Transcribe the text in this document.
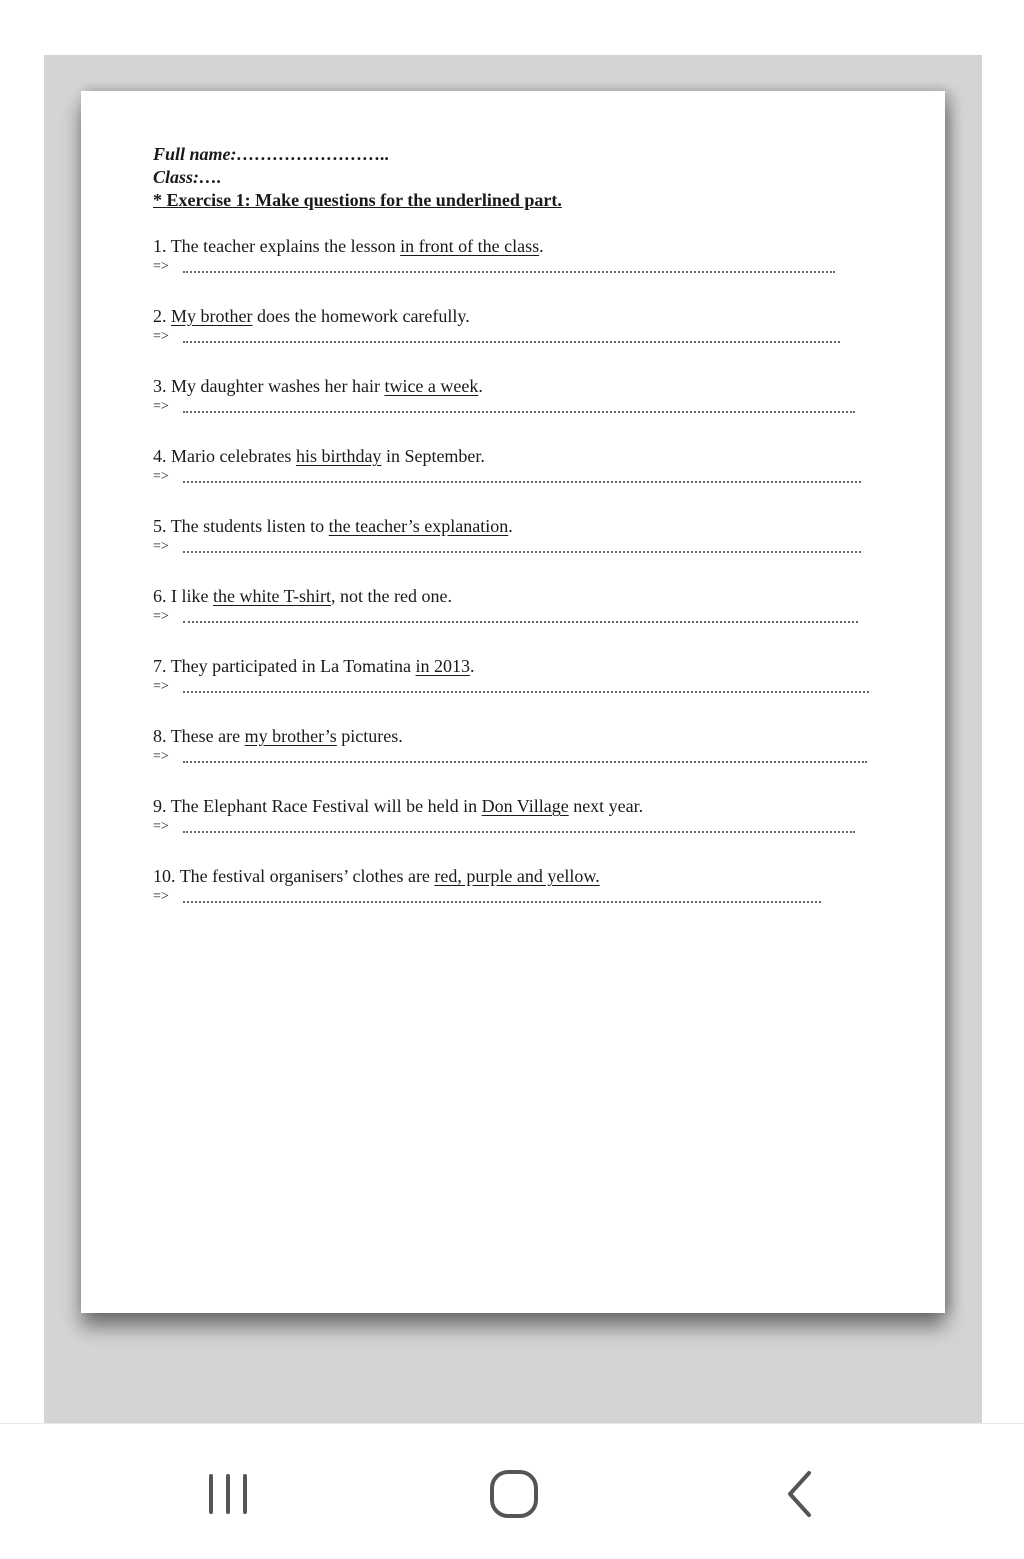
Full name:……………………..
Class:….
* Exercise 1: Make questions for the underlined part.
1. The teacher explains the lesson in front of the class.
=>
2. My brother does the homework carefully.
=>
3. My daughter washes her hair twice a week.
=>
4. Mario celebrates his birthday in September.
=>
5. The students listen to the teacher’s explanation.
=>
6. I like the white T-shirt, not the red one.
=>
7. They participated in La Tomatina in 2013.
=>
8. These are my brother’s pictures.
=>
9. The Elephant Race Festival will be held in Don Village next year.
=>
10. The festival organisers’ clothes are red, purple and yellow.
=>
